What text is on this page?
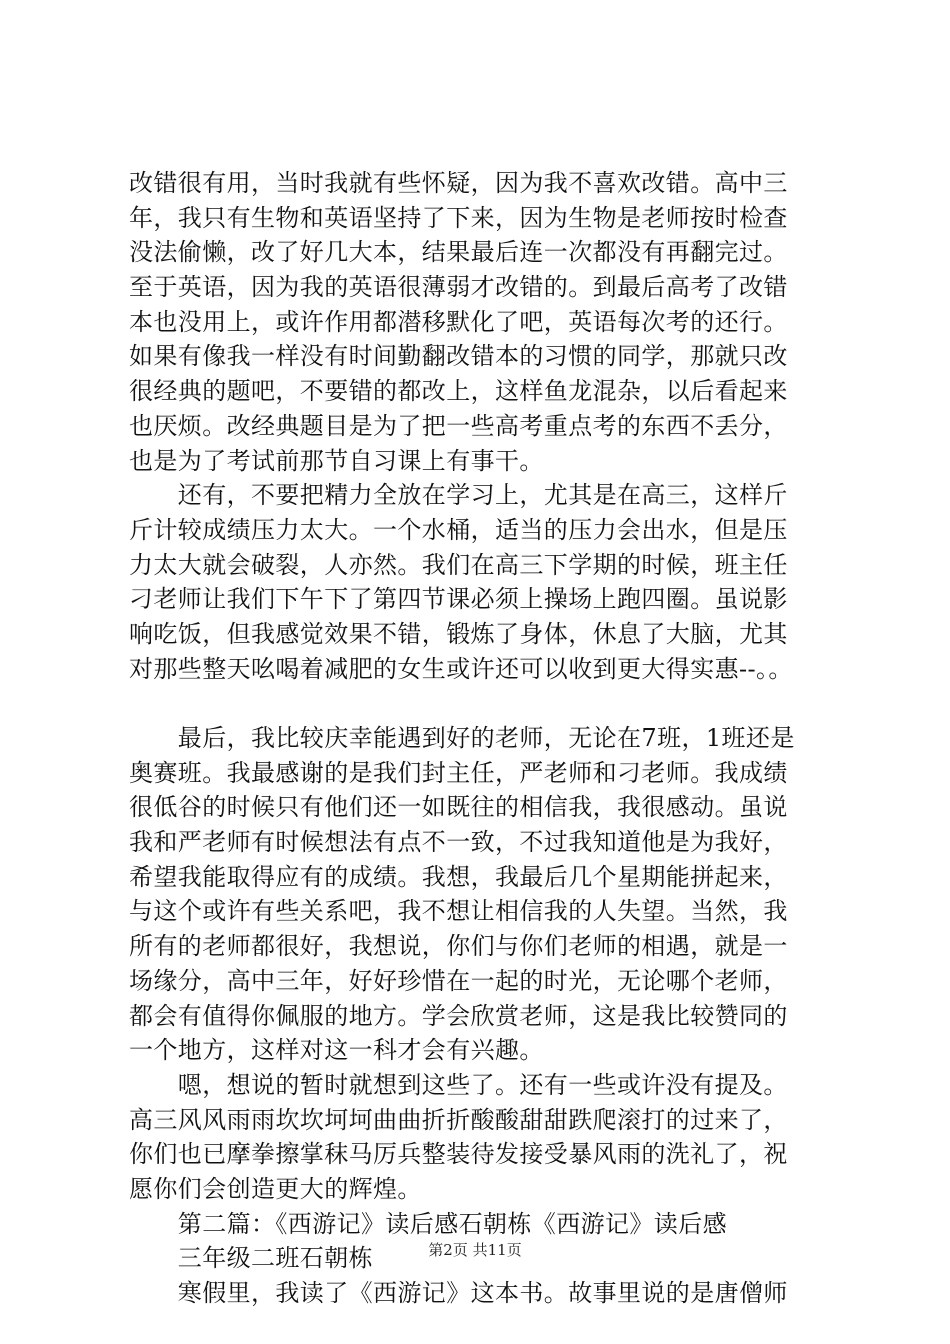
改错很有用，当时我就有些怀疑，因为我不喜欢改错。高中三
年，我只有生物和英语坚持了下来，因为生物是老师按时检查
没法偷懒，改了好几大本，结果最后连一次都没有再翻完过。
至于英语，因为我的英语很薄弱才改错的。到最后高考了改错
本也没用上，或许作用都潜移默化了吧，英语每次考的还行。
如果有像我一样没有时间勤翻改错本的习惯的同学，那就只改
很经典的题吧，不要错的都改上，这样鱼龙混杂，以后看起来
也厌烦。改经典题目是为了把一些高考重点考的东西不丢分，
也是为了考试前那节自习课上有事干。
　　还有，不要把精力全放在学习上，尤其是在高三，这样斤
斤计较成绩压力太大。一个水桶，适当的压力会出水，但是压
力太大就会破裂，人亦然。我们在高三下学期的时候，班主任
刁老师让我们下午下了第四节课必须上操场上跑四圈。虽说影
响吃饭，但我感觉效果不错，锻炼了身体，休息了大脑，尤其
对那些整天吆喝着减肥的女生或许还可以收到更大得实惠--。。
　　最后，我比较庆幸能遇到好的老师，无论在7班，1班还是
奥赛班。我最感谢的是我们封主任，严老师和刁老师。我成绩
很低谷的时候只有他们还一如既往的相信我，我很感动。虽说
我和严老师有时候想法有点不一致，不过我知道他是为我好，
希望我能取得应有的成绩。我想，我最后几个星期能拼起来，
与这个或许有些关系吧，我不想让相信我的人失望。当然，我
所有的老师都很好，我想说，你们与你们老师的相遇，就是一
场缘分，高中三年，好好珍惜在一起的时光，无论哪个老师，
都会有值得你佩服的地方。学会欣赏老师，这是我比较赞同的
一个地方，这样对这一科才会有兴趣。
　　嗯，想说的暂时就想到这些了。还有一些或许没有提及。
高三风风雨雨坎坎坷坷曲曲折折酸酸甜甜跌爬滚打的过来了，
你们也已摩拳擦掌秣马厉兵整装待发接受暴风雨的洗礼了，祝
愿你们会创造更大的辉煌。
　　第二篇：《西游记》读后感石朝栋《西游记》读后感
　　三年级二班石朝栋
　　寒假里，我读了《西游记》这本书。故事里说的是唐僧师
第2页 共11页
